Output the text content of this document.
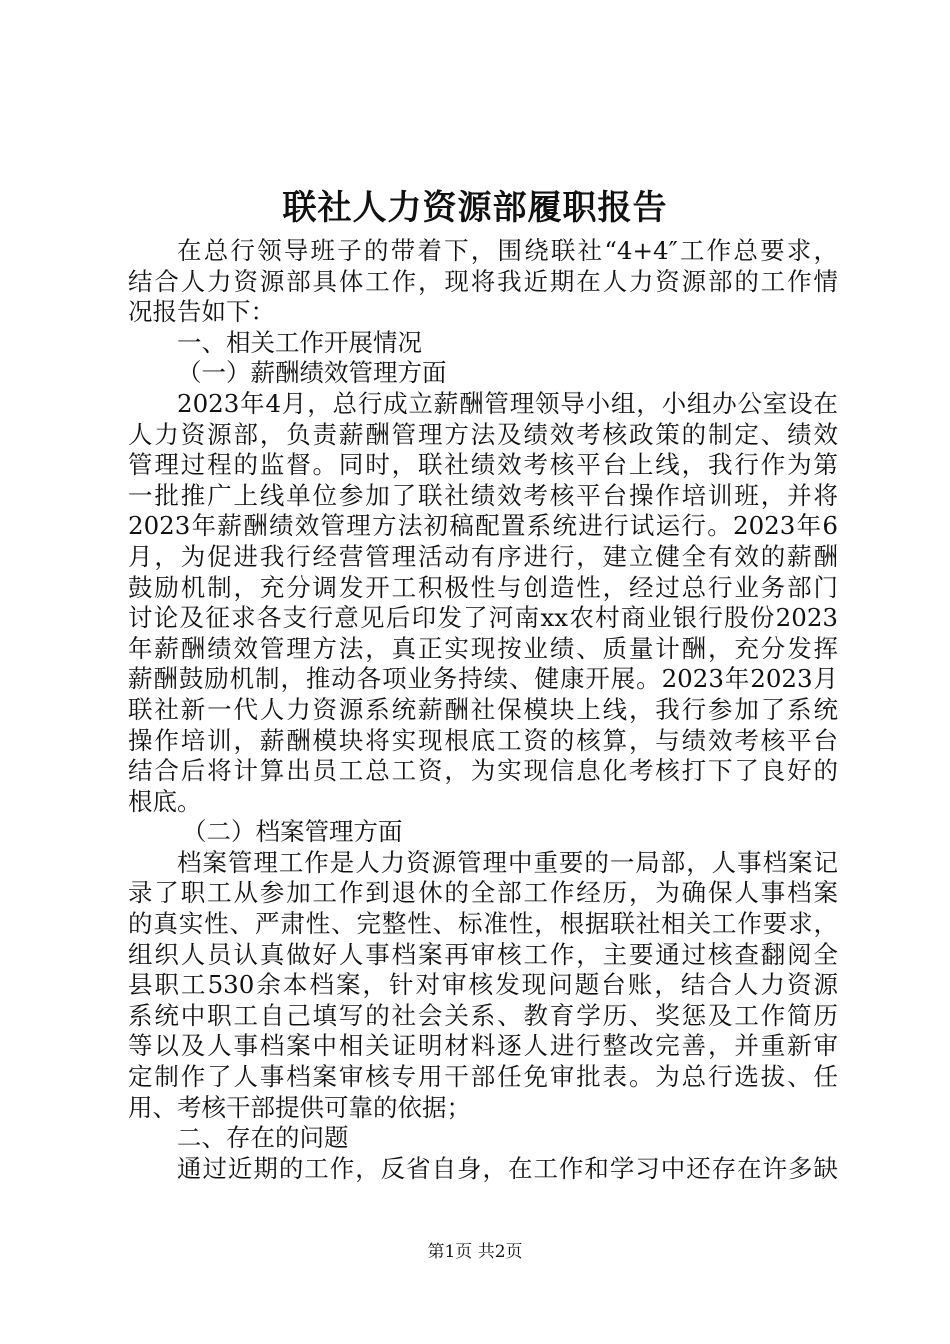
联社人力资源部履职报告
在总行领导班子的带着下，围绕联社“4+4″工作总要求，
结合人力资源部具体工作，现将我近期在人力资源部的工作情
况报告如下：
一、相关工作开展情况
（一）薪酬绩效管理方面
2023年4月，总行成立薪酬管理领导小组，小组办公室设在
人力资源部，负责薪酬管理方法及绩效考核政策的制定、绩效
管理过程的监督。同时，联社绩效考核平台上线，我行作为第
一批推广上线单位参加了联社绩效考核平台操作培训班，并将
2023年薪酬绩效管理方法初稿配置系统进行试运行。2023年6
月，为促进我行经营管理活动有序进行，建立健全有效的薪酬
鼓励机制，充分调发开工积极性与创造性，经过总行业务部门
讨论及征求各支行意见后印发了河南xx农村商业银行股份2023
年薪酬绩效管理方法，真正实现按业绩、质量计酬，充分发挥
薪酬鼓励机制，推动各项业务持续、健康开展。2023年2023月
联社新一代人力资源系统薪酬社保模块上线，我行参加了系统
操作培训，薪酬模块将实现根底工资的核算，与绩效考核平台
结合后将计算出员工总工资，为实现信息化考核打下了良好的
根底。
（二）档案管理方面
档案管理工作是人力资源管理中重要的一局部，人事档案记
录了职工从参加工作到退休的全部工作经历，为确保人事档案
的真实性、严肃性、完整性、标准性，根据联社相关工作要求，
组织人员认真做好人事档案再审核工作，主要通过核查翻阅全
县职工530余本档案，针对审核发现问题台账，结合人力资源
系统中职工自己填写的社会关系、教育学历、奖惩及工作简历
等以及人事档案中相关证明材料逐人进行整改完善，并重新审
定制作了人事档案审核专用干部任免审批表。为总行选拔、任
用、考核干部提供可靠的依据；
二、存在的问题
通过近期的工作，反省自身，在工作和学习中还存在许多缺
第1页 共2页
